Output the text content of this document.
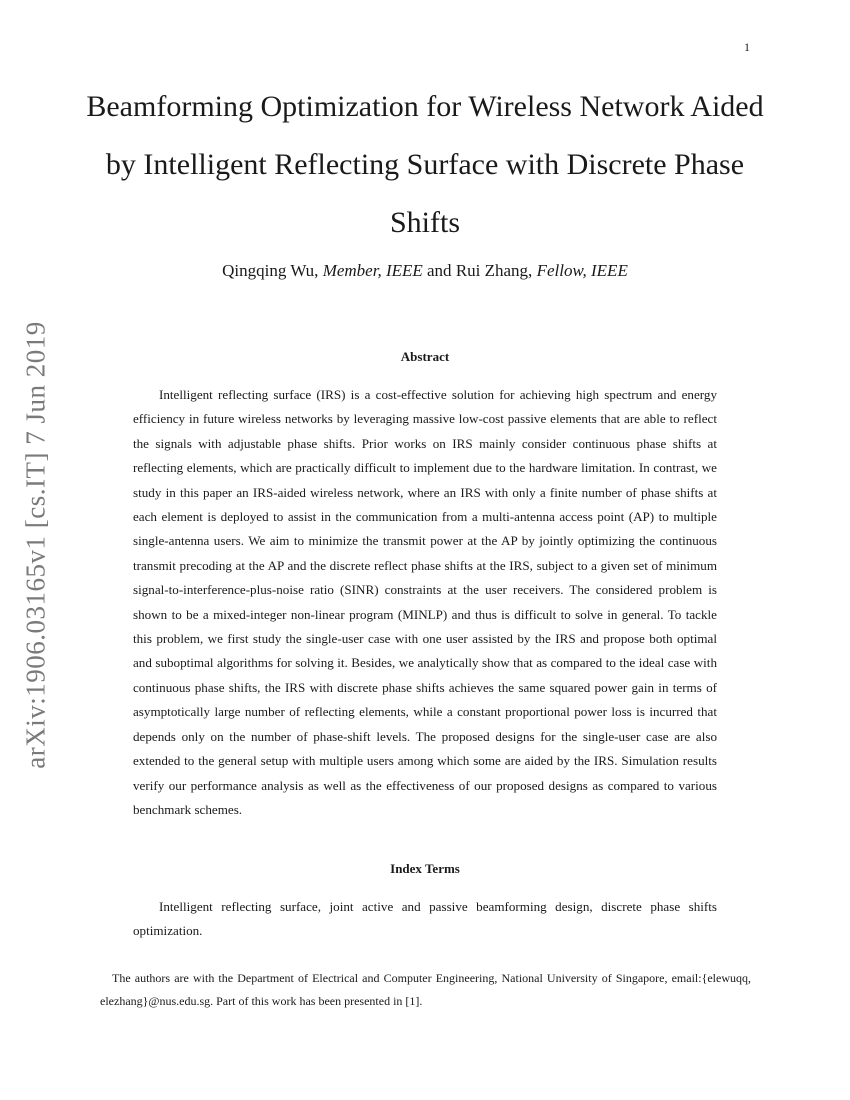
1
arXiv:1906.03165v1 [cs.IT] 7 Jun 2019
Beamforming Optimization for Wireless Network Aided by Intelligent Reflecting Surface with Discrete Phase Shifts
Qingqing Wu, Member, IEEE and Rui Zhang, Fellow, IEEE
Abstract

Intelligent reflecting surface (IRS) is a cost-effective solution for achieving high spectrum and energy efficiency in future wireless networks by leveraging massive low-cost passive elements that are able to reflect the signals with adjustable phase shifts. Prior works on IRS mainly consider continuous phase shifts at reflecting elements, which are practically difficult to implement due to the hardware limitation. In contrast, we study in this paper an IRS-aided wireless network, where an IRS with only a finite number of phase shifts at each element is deployed to assist in the communication from a multi-antenna access point (AP) to multiple single-antenna users. We aim to minimize the transmit power at the AP by jointly optimizing the continuous transmit precoding at the AP and the discrete reflect phase shifts at the IRS, subject to a given set of minimum signal-to-interference-plus-noise ratio (SINR) constraints at the user receivers. The considered problem is shown to be a mixed-integer non-linear program (MINLP) and thus is difficult to solve in general. To tackle this problem, we first study the single-user case with one user assisted by the IRS and propose both optimal and suboptimal algorithms for solving it. Besides, we analytically show that as compared to the ideal case with continuous phase shifts, the IRS with discrete phase shifts achieves the same squared power gain in terms of asymptotically large number of reflecting elements, while a constant proportional power loss is incurred that depends only on the number of phase-shift levels. The proposed designs for the single-user case are also extended to the general setup with multiple users among which some are aided by the IRS. Simulation results verify our performance analysis as well as the effectiveness of our proposed designs as compared to various benchmark schemes.

Index Terms

Intelligent reflecting surface, joint active and passive beamforming design, discrete phase shifts optimization.

The authors are with the Department of Electrical and Computer Engineering, National University of Singapore, email:{elewuqq, elezhang}@nus.edu.sg. Part of this work has been presented in [1].
